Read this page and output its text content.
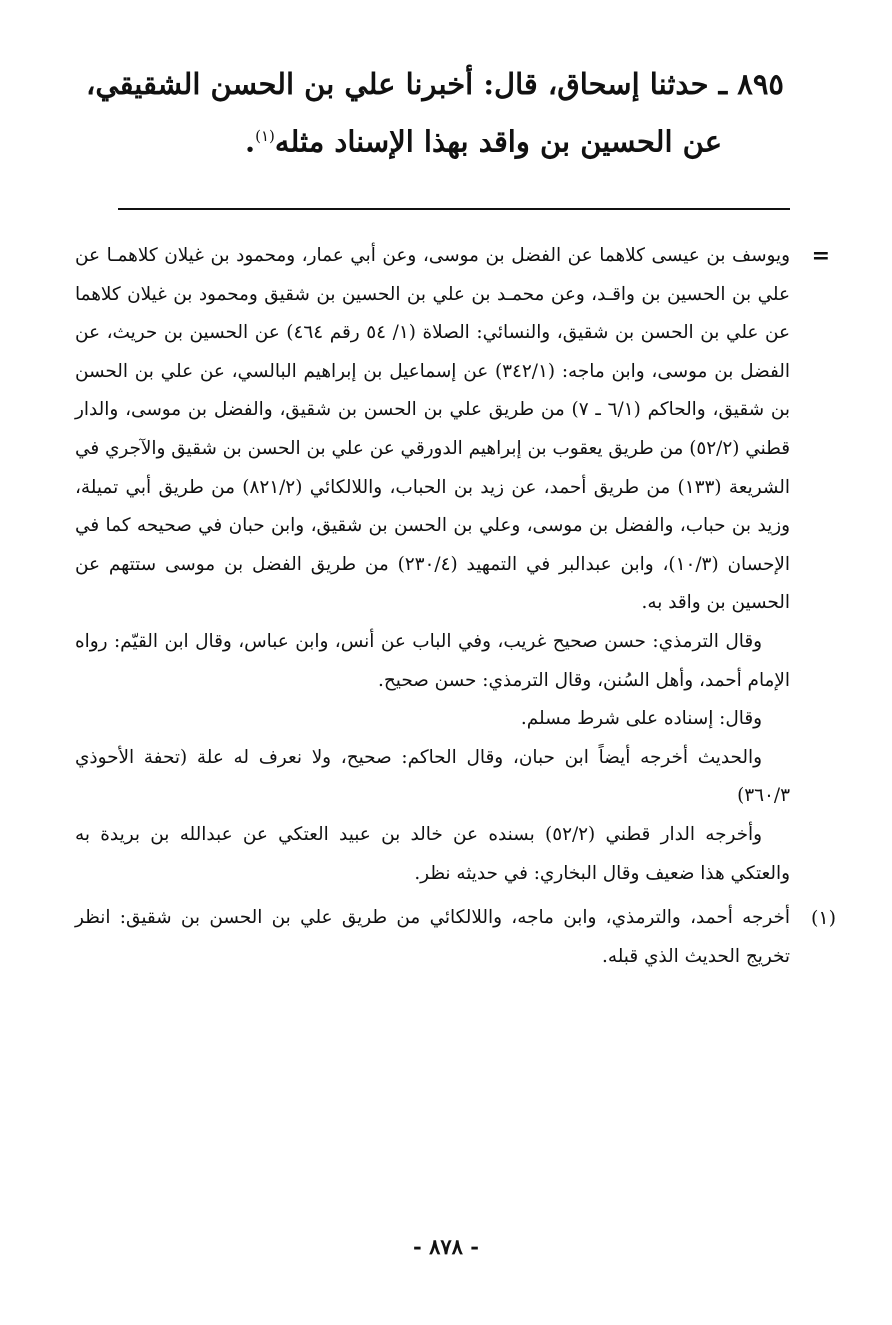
٨٩٥ ـ حدثنا إسحاق، قال: أخبرنا علي بن الحسن الشقيقي،
عن الحسين بن واقد بهذا الإسناد مثله$^{(١)}$.

=
ويوسف بن عيسى كلاهما عن الفضل بن موسى، وعن أبي عمار، ومحمود بن غيلان كلاهمـا عن علي بن الحسين بن واقـد، وعن محمـد بن علي بن الحسين بن شقيق ومحمود بن غيلان كلاهما عن علي بن الحسن بن شقيق، والنسائي: الصلاة (١/ ٥٤ رقم ٤٦٤) عن الحسين بن حريث، عن الفضل بن موسى، وابن ماجه: (٣٤٢/١) عن إسماعيل بن إبراهيم البالسي، عن علي بن الحسن بن شقيق، والحاكم (٦/١ ـ ٧) من طريق علي بن الحسن بن شقيق، والفضل بن موسى، والدار قطني (٥٢/٢) من طريق يعقوب بن إبراهيم الدورقي عن علي بن الحسن بن شقيق والآجري في الشريعة (١٣٣) من طريق أحمد، عن زيد بن الحباب، واللالكائي (٨٢١/٢) من طريق أبي تميلة، وزيد بن حباب، والفضل بن موسى، وعلي بن الحسن بن شقيق، وابن حبان في صحيحه كما في الإحسان (١٠/٣)، وابن عبدالبر في التمهيد (٢٣٠/٤) من طريق الفضل بن موسى ستتهم عن الحسين بن واقد به.

وقال الترمذي: حسن صحيح غريب، وفي الباب عن أنس، وابن عباس، وقال ابن القيّم: رواه الإمام أحمد، وأهل السُنن، وقال الترمذي: حسن صحيح.

وقال: إسناده على شرط مسلم.

والحديث أخرجه أيضاً ابن حبان، وقال الحاكم: صحيح، ولا نعرف له علة (تحفة الأحوذي ٣٦٠/٣)

وأخرجه الدار قطني (٥٢/٢) بسنده عن خالد بن عبيد العتكي عن عبدالله بن بريدة به والعتكي هذا ضعيف وقال البخاري: في حديثه نظر.

(١)
أخرجه أحمد، والترمذي، وابن ماجه، واللالكائي من طريق علي بن الحسن بن شقيق: انظر تخريج الحديث الذي قبله.

- ٨٧٨ -
